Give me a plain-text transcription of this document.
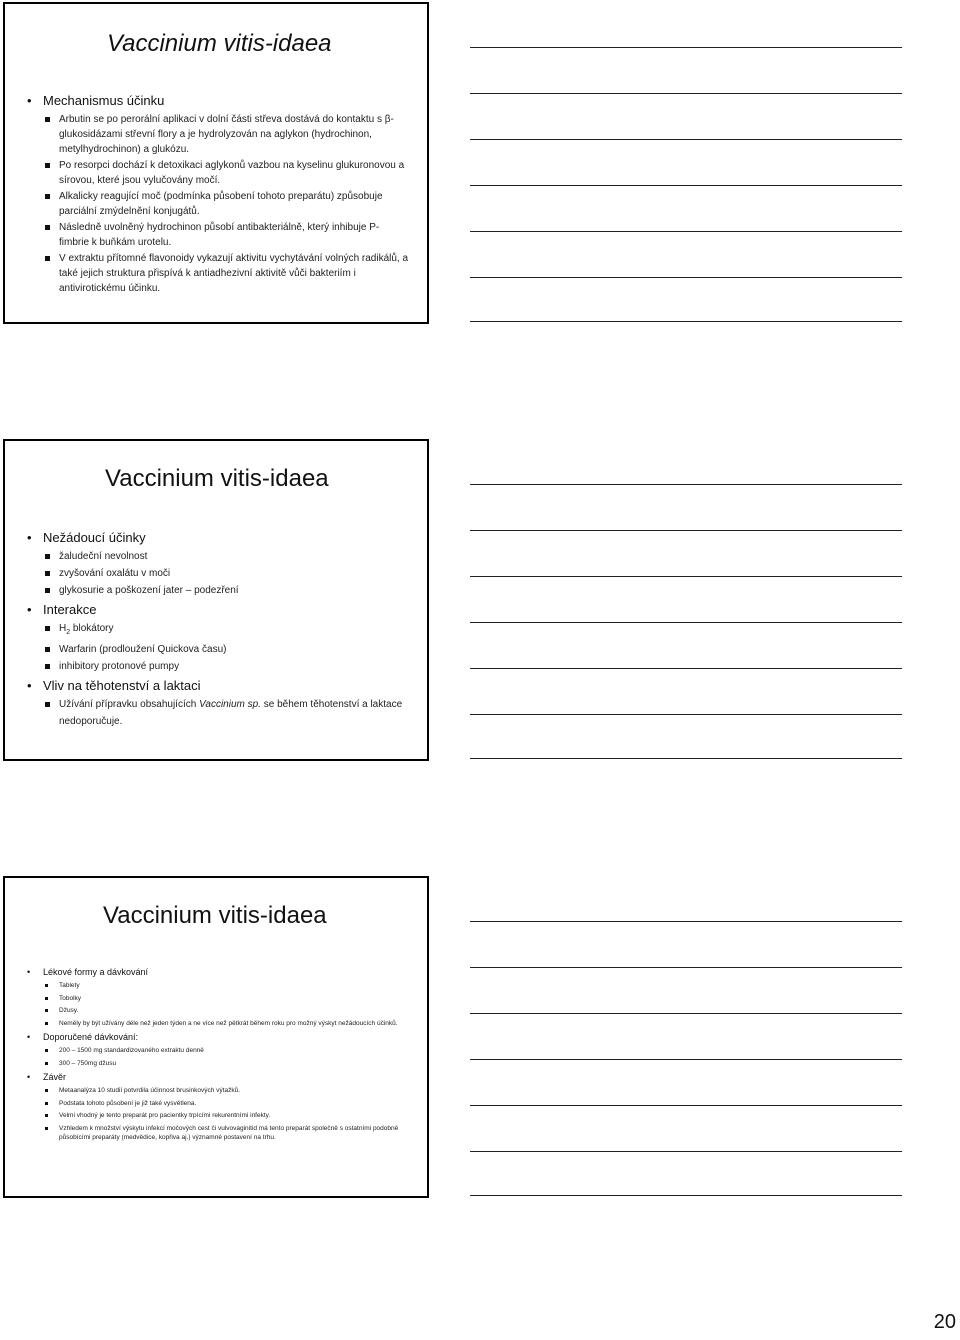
Vaccinium vitis-idaea
• Mechanismus účinku
Arbutin se po perorální aplikaci v dolní části střeva dostává do kontaktu s β-glukosidázami střevní flory a je hydrolyzován na aglykon (hydrochinon, metylhydrochinon) a glukózu.
Po resorpci dochází k detoxikaci aglykonů vazbou na kyselinu glukuronovou a sírovou, které jsou vylučovány močí.
Alkalicky reagující moč (podmínka působení tohoto preparátu) způsobuje parciální zmýdelnění konjugátů.
Následně uvolněný hydrochinon působí antibakteriálně, který inhibuje P-fimbrie k buňkám urotelu.
V extraktu přítomné flavonoidy vykazují aktivitu vychytávání volných radikálů, a také jejich struktura přispívá k antiadhezivní aktivitě vůči bakteriím i antivirotickému účinku.
Vaccinium vitis-idaea
• Nežádoucí účinky
žaludeční nevolnost
zvyšování oxalátu v moči
glykosurie a poškození jater – podezření
• Interakce
$H_2$ blokátory
Warfarin (prodloužení Quickova času)
inhibitory protonové pumpy
• Vliv na těhotenství a laktaci
Užívání přípravku obsahujících Vaccinium sp. se během těhotenství a laktace nedoporučuje.
Vaccinium vitis-idaea
• Lékové formy a dávkování
Tablety
Tobolky
Džusy.
Neměly by být užívány déle než jeden týden a ne více než pětkrát během roku pro možný výskyt nežádoucích účinků.
• Doporučené dávkování:
200 – 1500 mg standardizovaného extraktu denně
300 – 750mg džusu
• Závěr
Metaanalýza 10 studií potvrdila účinnost brusinkových výtažků.
Podstata tohoto působení je již také vysvětlena.
Velmi vhodný je tento preparát pro pacientky trpícími rekurentními infekty.
Vzhledem k množství výskytu infekcí močových cest či vulvovaginitid má tento preparát společně s ostatními podobně působícími preparáty (medvědice, kopřiva aj.) významné postavení na trhu.
20
